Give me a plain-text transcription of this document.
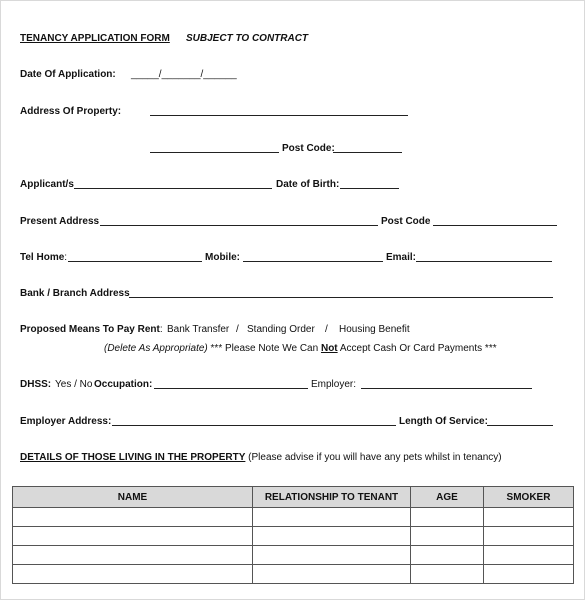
TENANCY APPLICATION FORM SUBJECT TO CONTRACT
Date Of Application: _____/_______/______
Address Of Property:
Post Code:
Applicant/s	Date of Birth:
Present Address	Post Code
Tel Home:	Mobile:	Email:
Bank / Branch Address
Proposed Means To Pay Rent: Bank Transfer / Standing Order / Housing Benefit
(Delete As Appropriate) *** Please Note We Can Not Accept Cash Or Card Payments ***
DHSS: Yes / No Occupation:	Employer:
Employer Address:	Length Of Service:
DETAILS OF THOSE LIVING IN THE PROPERTY (Please advise if you will have any pets whilst in tenancy)
NAME	RELATIONSHIP TO TENANT	AGE	SMOKER
